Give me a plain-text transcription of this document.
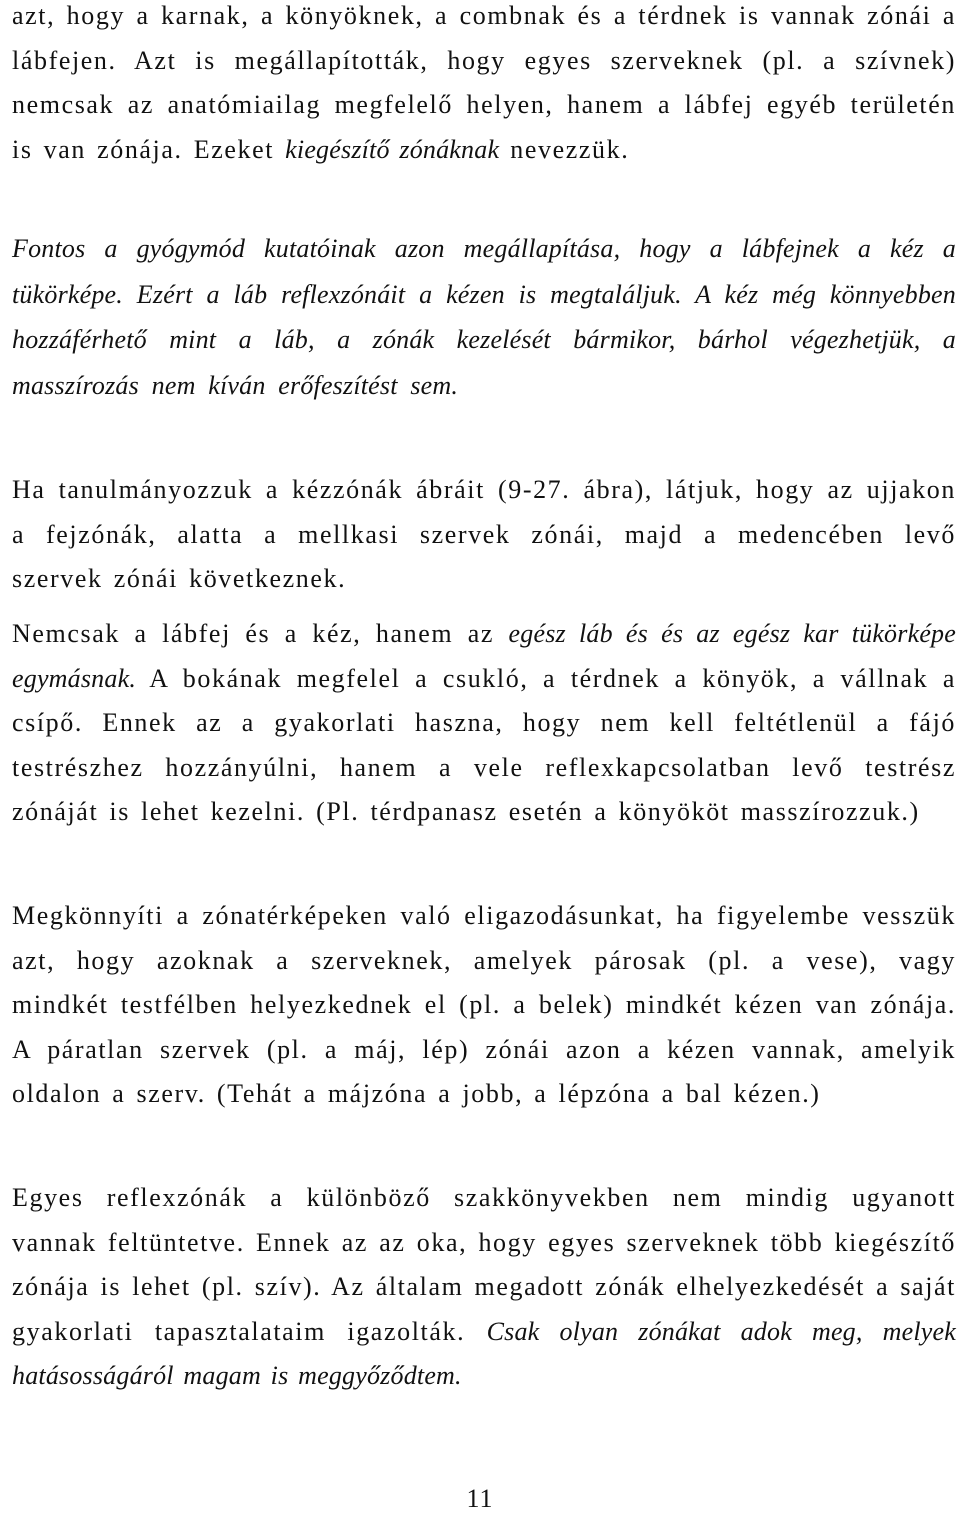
azt, hogy a karnak, a könyöknek, a combnak és a térdnek is vannak zónái a lábfejen. Azt is megállapították, hogy egyes szerveknek (pl. a szívnek) nemcsak az anatómiailag megfelelő helyen, hanem a lábfej egyéb területén is van zónája. Ezeket kiegészítő zónáknak nevezzük.

Fontos a gyógymód kutatóinak azon megállapítása, hogy a lábfejnek a kéz a tükörképe. Ezért a láb reflexzónáit a kézen is megtaláljuk. A kéz még könnyebben hozzáférhető mint a láb, a zónák kezelését bármikor, bárhol végezhetjük, a masszírozás nem kíván erőfeszítést sem.

Ha tanulmányozzuk a kézzónák ábráit (9-27. ábra), látjuk, hogy az ujjakon a fejzónák, alatta a mellkasi szervek zónái, majd a medencében levő szervek zónái következnek.

Nemcsak a lábfej és a kéz, hanem az egész láb és és az egész kar tükörképe egymásnak. A bokának megfelel a csukló, a térdnek a könyök, a vállnak a csípő. Ennek az a gyakorlati haszna, hogy nem kell feltétlenül a fájó testrészhez hozzányúlni, hanem a vele reflexkapcsolatban levő testrész zónáját is lehet kezelni. (Pl. térdpanasz esetén a könyököt masszírozzuk.)

Megkönnyíti a zónatérképeken való eligazodásunkat, ha figyelembe vesszük azt, hogy azoknak a szerveknek, amelyek párosak (pl. a vese), vagy mindkét testfélben helyezkednek el (pl. a belek) mindkét kézen van zónája. A páratlan szervek (pl. a máj, lép) zónái azon a kézen vannak, amelyik oldalon a szerv. (Tehát a májzóna a jobb, a lépzóna a bal kézen.)

Egyes reflexzónák a különböző szakkönyvekben nem mindig ugyanott vannak feltüntetve. Ennek az az oka, hogy egyes szerveknek több kiegészítő zónája is lehet (pl. szív). Az általam megadott zónák elhelyezkedését a saját gyakorlati tapasztalataim igazolták. Csak olyan zónákat adok meg, melyek hatásosságáról magam is meggyőződtem.

11
